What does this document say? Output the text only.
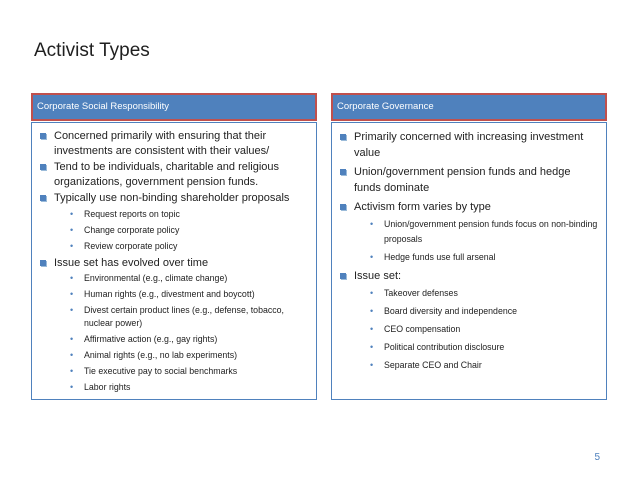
Activist Types
Corporate Social Responsibility	Corporate Governance
Concerned primarily with ensuring that their investments are consistent with their values/
Tend to be individuals, charitable and religious organizations, government pension funds.
Typically use non-binding shareholder proposals
• Request reports on topic
• Change corporate policy
• Review corporate policy
Issue set has evolved over time
• Environmental (e.g., climate change)
• Human rights (e.g., divestment and boycott)
• Divest certain product lines (e.g., defense, tobacco, nuclear power)
• Affirmative action (e.g., gay rights)
• Animal rights (e.g., no lab experiments)
• Tie executive pay to social benchmarks
• Labor rights
Primarily concerned with increasing investment value
Union/government pension funds and hedge funds dominate
Activism form varies by type
• Union/government pension funds focus on non-binding proposals
• Hedge funds use full arsenal
Issue set:
• Takeover defenses
• Board diversity and independence
• CEO compensation
• Political contribution disclosure
• Separate CEO and Chair
5
